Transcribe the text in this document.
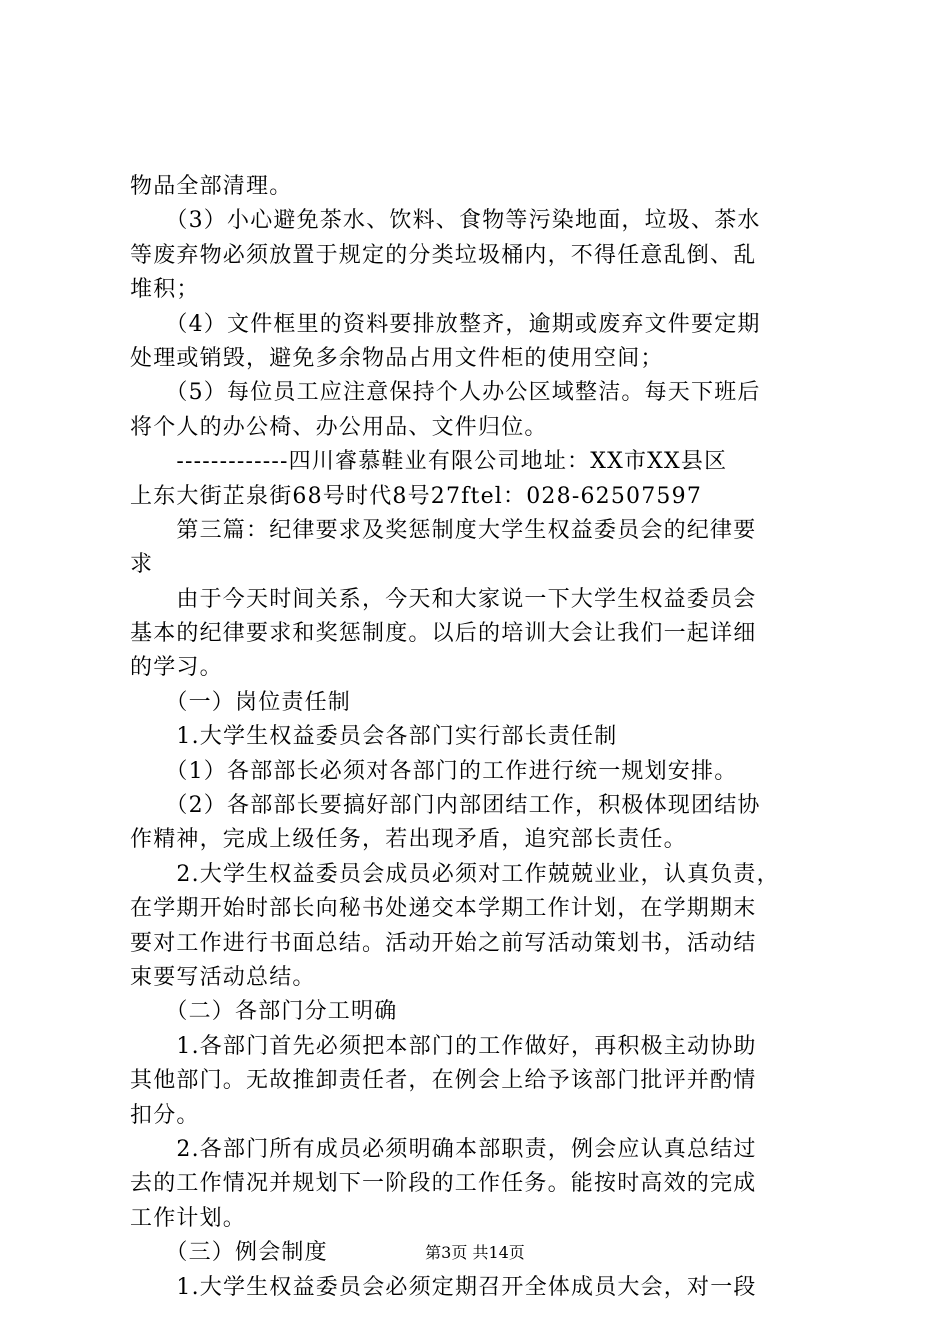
物品全部清理。
　　（3）小心避免茶水、饮料、食物等污染地面，垃圾、茶水
等废弃物必须放置于规定的分类垃圾桶内，不得任意乱倒、乱
堆积；
　　（4）文件框里的资料要排放整齐，逾期或废弃文件要定期
处理或销毁，避免多余物品占用文件柜的使用空间；
　　（5）每位员工应注意保持个人办公区域整洁。每天下班后
将个人的办公椅、办公用品、文件归位。
　　-------------四川睿慕鞋业有限公司地址：XX市XX县区
上东大街芷泉街68号时代8号27ftel：028-62507597
　　第三篇：纪律要求及奖惩制度大学生权益委员会的纪律要
求
　　由于今天时间关系，今天和大家说一下大学生权益委员会
基本的纪律要求和奖惩制度。以后的培训大会让我们一起详细
的学习。
　　（一）岗位责任制
　　1.大学生权益委员会各部门实行部长责任制
　　（1）各部部长必须对各部门的工作进行统一规划安排。
　　（2）各部部长要搞好部门内部团结工作，积极体现团结协
作精神，完成上级任务，若出现矛盾，追究部长责任。
　　2.大学生权益委员会成员必须对工作兢兢业业，认真负责，
在学期开始时部长向秘书处递交本学期工作计划，在学期期末
要对工作进行书面总结。活动开始之前写活动策划书，活动结
束要写活动总结。
　　（二）各部门分工明确
　　1.各部门首先必须把本部门的工作做好，再积极主动协助
其他部门。无故推卸责任者，在例会上给予该部门批评并酌情
扣分。
　　2.各部门所有成员必须明确本部职责，例会应认真总结过
去的工作情况并规划下一阶段的工作任务。能按时高效的完成
工作计划。
　　（三）例会制度
　　1.大学生权益委员会必须定期召开全体成员大会，对一段
第3页 共14页
